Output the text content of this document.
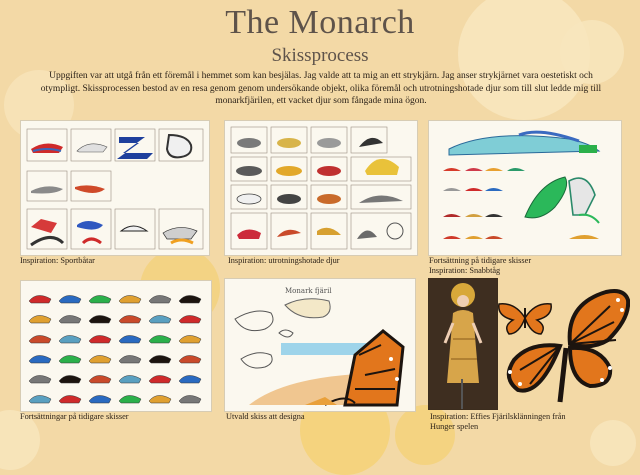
The Monarch
Skissprocess
Uppgiften var att utgå från ett föremål i hemmet som kan besjälas. Jag valde att ta mig an ett strykjärn. Jag anser strykjärnet vara oestetiskt och otympligt. Skissprocessen bestod av en resa genom genom undersökande objekt, olika föremål och utrotningshotade djur som till slut ledde mig till monarkfjärilen, ett vacket djur som fångade mina ögon.
Inspiration: Sportbåtar	Inspiration: utrotningshotade djur	Fortsättning på tidigare skisser
Inspiration: Snabbtåg
Fortsättningar på tidigare skisser
Monark fjäril
Utvald skiss att designa	Inspiration: Effies Fjärilsklänningen från
Hunger spelen
